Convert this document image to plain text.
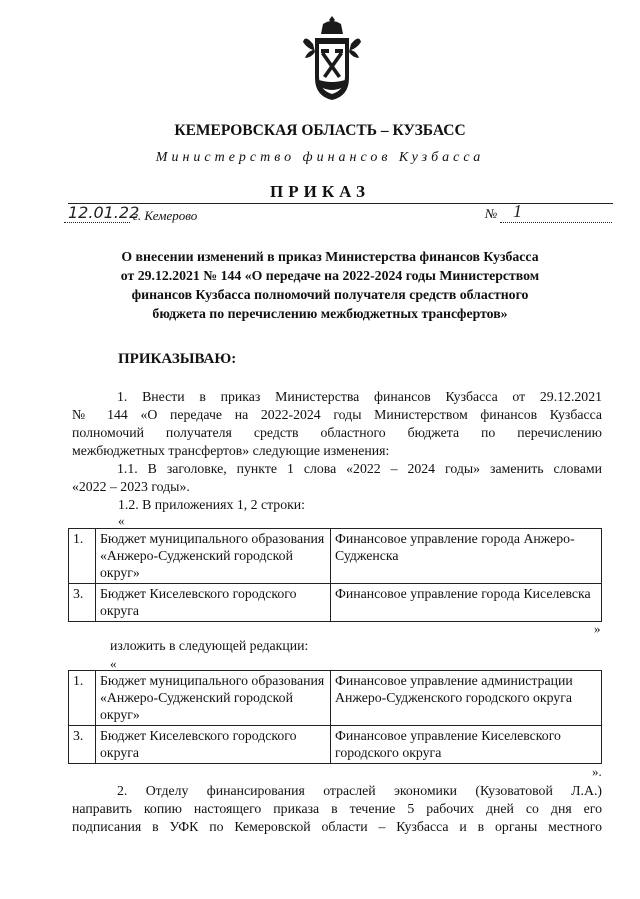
КЕМЕРОВСКАЯ ОБЛАСТЬ – КУЗБАСС
Министерство финансов Кузбасса
ПРИКАЗ
12.01.22
г. Кемерово	№ 1
О внесении изменений в приказ Министерства финансов Кузбасса
от 29.12.2021 № 144 «О передаче на 2022-2024 годы Министерством
финансов Кузбасса полномочий получателя средств областного
бюджета по перечислению межбюджетных трансфертов»
ПРИКАЗЫВАЮ:
1. Внести в приказ Министерства финансов Кузбасса от 29.12.2021
№ 144 «О передаче на 2022-2024 годы Министерством финансов Кузбасса
полномочий получателя средств областного бюджета по перечислению
межбюджетных трансфертов» следующие изменения:
1.1. В заголовке, пункте 1 слова «2022 – 2024 годы» заменить словами
«2022 – 2023 годы».
1.2. В приложениях 1, 2 строки:
«
1.	Бюджет муниципального образования «Анжеро-Судженский городской округ»	Финансовое управление города Анжеро-Судженска
3.	Бюджет Киселевского городского округа	Финансовое управление города Киселевска
»
изложить в следующей редакции:
«
1.	Бюджет муниципального образования «Анжеро-Судженский городской округ»	Финансовое управление администрации Анжеро-Судженского городского округа
3.	Бюджет Киселевского городского округа	Финансовое управление Киселевского городского округа
».
2. Отделу финансирования отраслей экономики (Кузоватовой Л.А.)
направить копию настоящего приказа в течение 5 рабочих дней со дня его
подписания в УФК по Кемеровской области – Кузбасса и в органы местного
